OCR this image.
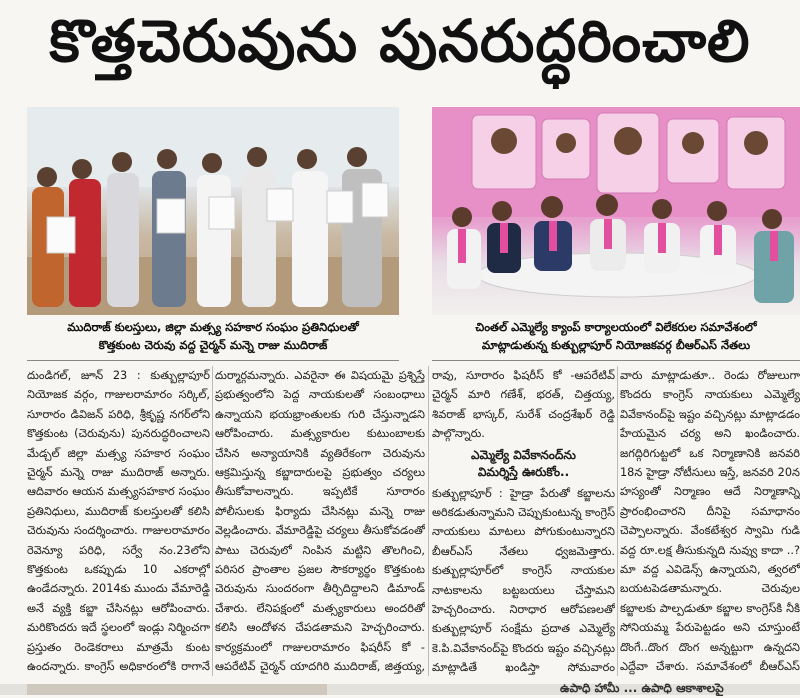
కొత్తచెరువును పునరుద్ధరించాలి
ముదిరాజ్ కులస్తులు, జిల్లా మత్స్య సహకార సంఘం ప్రతినిధులతో
కొత్తకుంట చెరువు వద్ద చైర్మన్ మన్నె రాజు ముదిరాజ్
చింతల్ ఎమ్మెల్యే క్యాంప్ కార్యాలయంలో విలేకరుల సమావేశంలో
మాట్లాడుతున్న కుత్బుల్లాపూర్ నియోజకవర్గ బీఆర్ఎస్ నేతలు

దుండిగల్, జూన్ 23 : కుత్బుల్లాపూర్ నియోజక వర్గం, గాజులరామారం సర్కిల్, సూరారం డివిజన్ పరిధి, శ్రీకృష్ణ నగర్‌లోని కొత్తకుంట (చెరువును) పునరుద్ధరించాలని మేడ్చల్ జిల్లా మత్స్య సహకార సంఘం చైర్మన్ మన్నె రాజు ముదిరాజ్ అన్నారు. ఆదివారం ఆయన మత్స్యసహకార సంఘం ప్రతినిధులు, ముదిరాజ్ కులస్తులతో కలిసి చెరువును సందర్శించారు. గాజులరామారం రెవెన్యూ పరిధి, సర్వే నం.23లోని కొత్తకుంట ఒకప్పుడు 10 ఎకరాల్లో ఉండేదన్నారు. 2014కు ముందు వేమారెడ్డి అనే వ్యక్తి కబ్జా చేసినట్లు ఆరోపించారు. మరికొందరు ఇదే స్థలంలో ఇండ్లు నిర్మించగా ప్రస్తుతం రెండెకరాలు మాత్రమే కుంట ఉందన్నారు. కాంగ్రెస్ అధికారంలోకి రాగానే

దుర్మార్గమన్నారు. ఎవరైనా ఈ విషయమై ప్రశ్నిస్తే ప్రభుత్వంలోని పెద్ద నాయకులతో సంబంధాలు ఉన్నాయని భయభ్రాంతులకు గురి చేస్తున్నాడని ఆరోపించారు. మత్స్యకారుల కుటుంబాలకు చేసిన అన్యాయానికి వ్యతిరేకంగా చెరువును ఆక్రమిస్తున్న కబ్జాదారులపై ప్రభుత్వం చర్యలు తీసుకోవాలన్నారు. ఇప్పటికే సూరారం పోలీసులకు ఫిర్యాదు చేసినట్లు మన్నె రాజు వెల్లడించారు. వేమారెడ్డిపై చర్యలు తీసుకోవడంతో పాటు చెరువులో నింపిన మట్టిని తొలగించి, పరిసర ప్రాంతాల ప్రజల సౌకర్యార్థం కొత్తకుంట చెరువును సుందరంగా తీర్చిదిద్దాలని డిమాండ్ చేశారు. లేనిపక్షంలో మత్స్యకారులు అందరితో కలిసి ఆందోళన చేపడతామని హెచ్చరించారు. కార్యక్రమంలో గాజులరామారం ఫిషరీస్ కో - ఆపరేటివ్ చైర్మన్ యాదగిరి ముదిరాజ్, జిత్తయ్య,

రావు, సూరారం ఫిషరీస్ కో -ఆపరేటివ్ చైర్మన్ మారి గణేశ్, భరత్, చిత్తయ్య, శివరాజ్ భాస్కర్, సురేశ్ చంద్రశేఖర్ రెడ్డి పాల్గొన్నారు.

ఎమ్మెల్యే వివేకానంద్‌ను
విమర్శిస్తే ఊరుకోం..

కుత్బుల్లాపూర్ : హైడ్రా పేరుతో కబ్జాలను అరికడుతున్నామని చెప్పుకుంటున్న కాంగ్రెస్ నాయకులు మాటలు పోగుకుంటున్నారని బీఆర్ఎస్ నేతలు ధ్వజమెత్తారు. కుత్బుల్లాపూర్‌లో కాంగ్రెస్ నాయకుల నాటకాలను బట్టబయలు చేస్తామని హెచ్చరించారు. నిరాధార ఆరోపణలతో కుత్బుల్లాపూర్ సంక్షేమ ప్రదాత ఎమ్మెల్యే కె.పి.వివేకానంద్‌పై కొందరు ఇష్టం వచ్చినట్లు మాట్లాడితే ఖండిస్తా సోమవారం

వారు మాట్లాడుతూ.. రెండు రోజులుగా కొందరు కాంగ్రెస్ నాయకులు ఎమ్మెల్యే వివేకానంద్‌పై ఇష్టం వచ్చినట్లు మాట్లాడడం హేయమైన చర్య అని ఖండించారు. జగద్గిరిగుట్టలో ఒక నిర్మాణానికి జనవరి 18న హైడ్రా నోటీసులు ఇస్తే, జనవరి 20న హస్యంతో నిర్మాణం ఆదే నిర్మాణాన్ని ప్రారంభించారని దీనిపై సమాధానం చెప్పాలన్నారు. వేంకటేశ్వర స్వామి గుడి వద్ద రూ.లక్ష తీసుకున్నది నువ్వు కాదా ..? మా వద్ద ఎవిడెన్స్ ఉన్నాయని, త్వరలో బయటపెడతామన్నారు. చెరువుల కబ్జాలకు పాల్పడుతూ కబ్జాల కాంగ్రెస్‌కి నీకి సోనియమ్మ పేరుపెట్టడం అని చూస్తుంటే దొంగే..దొంగ దొంగ అన్నట్టుగా ఉన్నదని ఎద్దేవా చేశారు. సమావేశంలో బీఆర్ఎస్

ఉపాధి హామీ ... ఉపాధి ఆకాశాలపై
